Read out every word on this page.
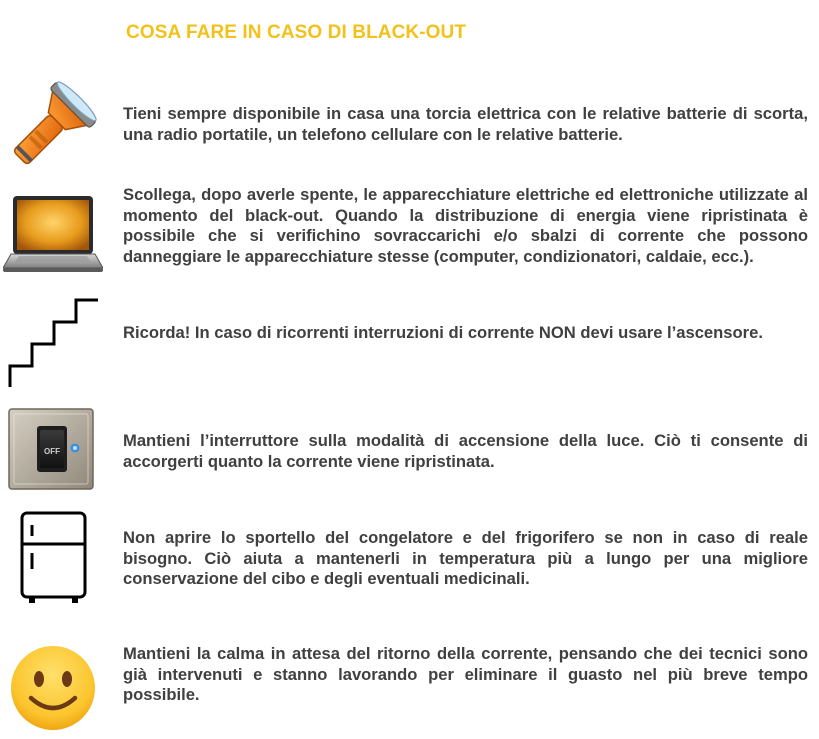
COSA FARE IN CASO DI BLACK-OUT
Tieni sempre disponibile in casa una torcia elettrica con le relative batterie di scorta, una radio portatile, un telefono cellulare con le relative batterie.
Scollega, dopo averle spente, le apparecchiature elettriche ed elettroniche utilizzate al momento del black-out. Quando la distribuzione di energia viene ripristinata è possibile che si verifichino sovraccarichi e/o sbalzi di corrente che possono danneggiare le apparecchiature stesse (computer, condizionatori, caldaie, ecc.).
Ricorda! In caso di ricorrenti interruzioni di corrente NON devi usare l’ascensore.
OFF
Mantieni l’interruttore sulla modalità di accensione della luce. Ciò ti consente di accorgerti quanto la corrente viene ripristinata.
Non aprire lo sportello del congelatore e del frigorifero se non in caso di reale bisogno. Ciò aiuta a mantenerli in temperatura più a lungo per una migliore conservazione del cibo e degli eventuali medicinali.
Mantieni la calma in attesa del ritorno della corrente, pensando che dei tecnici sono già intervenuti e stanno lavorando per eliminare il guasto nel più breve tempo possibile.
